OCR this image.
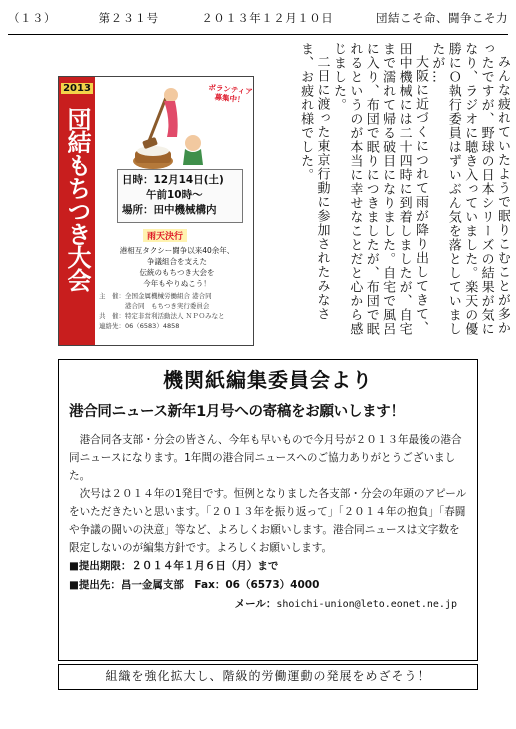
（１３）	第２３１号	２０１３年１２月１０日	団結こそ命、闘争こそ力
2013
団結もちつき大会
ボランティア募集中！
日時：12月14日(土)
午前10時〜
場所：田中機械構内
雨天決行
港相互タクシー闘争以来40余年、
争議組合を支えた
伝統のもちつき大会を
今年もやりぬこう！
主　催：全国金属機械労働組合 港合同
　　　　港合同　もちつき実行委員会
共　催：特定非営利活動法人 ＮＰＯみなと
連絡先：06（6583）4858	みんな疲れていたようで眠りこむことが多かったですが、野球の日本シリーズの結果が気になり、ラジオに聴き入っていました。楽天の優勝にＯ執行委員はずいぶん気を落としていましたが…

大阪に近づくにつれて雨が降り出してきて、田中機械には二十四時に到着しましたが、自宅まで濡れて帰る破目になりました。自宅で風呂に入り、布団で眠りにつきましたが、布団で眠れるというのが本当に幸せなことだと心から感じました。

二日に渡った東京行動に参加されたみなさま、お疲れ様でした。

機関紙編集委員会より
港合同ニュース新年1月号への寄稿をお願いします！

港合同各支部・分会の皆さん、今年も早いもので今月号が２０１３年最後の港合同ニュースになります。1年間の港合同ニュースへのご協力ありがとうございました。

次号は２０１４年の1発目です。恒例となりました各支部・分会の年頭のアピールをいただきたいと思います。「２０１３年を振り返って」「２０１４年の抱負」「春闘や争議の闘いの決意」等など、よろしくお願いします。港合同ニュースは文字数を限定しないのが編集方針です。よろしくお願いします。

■提出期限：２０１４年１月６日（月）まで
■提出先：昌一金属支部　Fax：06（6573）4000
メール：shoichi-union@leto.eonet.ne.jp
組織を強化拡大し、階級的労働運動の発展をめざそう！
